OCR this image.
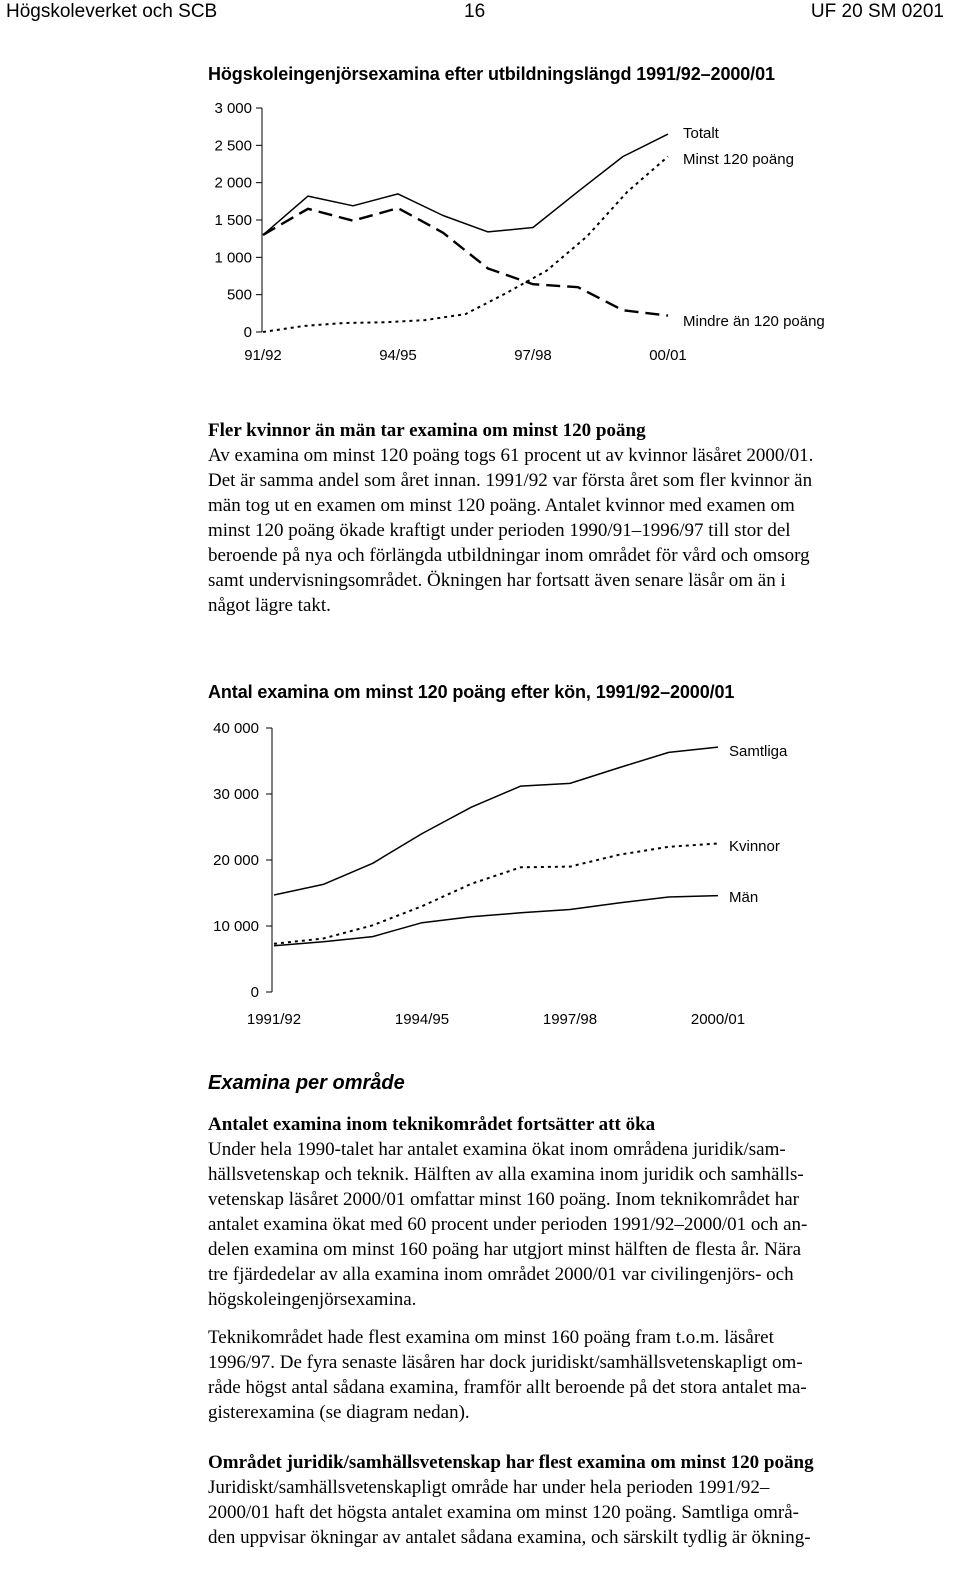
Högskoleverket och SCB	16	UF 20 SM 0201
Högskoleingenjörsexamina efter utbildningslängd 1991/92–2000/01
0
500
1 000
1 500
2 000
2 500
3 000
91/92	94/95	97/98	00/01
Totalt
Minst 120 poäng
Mindre än 120 poäng
Fler kvinnor än män tar examina om minst 120 poäng
Av examina om minst 120 poäng togs 61 procent ut av kvinnor läsåret 2000/01.
Det är samma andel som året innan. 1991/92 var första året som fler kvinnor än
män tog ut en examen om minst 120 poäng. Antalet kvinnor med examen om
minst 120 poäng ökade kraftigt under perioden 1990/91–1996/97 till stor del
beroende på nya och förlängda utbildningar inom området för vård och omsorg
samt undervisningsområdet. Ökningen har fortsatt även senare läsår om än i
något lägre takt.
Antal examina om minst 120 poäng efter kön, 1991/92–2000/01
0
10 000
20 000
30 000
40 000
1991/92	1994/95	1997/98	2000/01
Samtliga
Kvinnor
Män
Examina per område
Antalet examina inom teknikområdet fortsätter att öka
Under hela 1990-talet har antalet examina ökat inom områdena juridik/sam-
hällsvetenskap och teknik. Hälften av alla examina inom juridik och samhälls-
vetenskap läsåret 2000/01 omfattar minst 160 poäng. Inom teknikområdet har
antalet examina ökat med 60 procent under perioden 1991/92–2000/01 och an-
delen examina om minst 160 poäng har utgjort minst hälften de flesta år. Nära
tre fjärdedelar av alla examina inom området 2000/01 var civilingenjörs- och
högskoleingenjörsexamina.
Teknikområdet hade flest examina om minst 160 poäng fram t.o.m. läsåret
1996/97. De fyra senaste läsåren har dock juridiskt/samhällsvetenskapligt om-
råde högst antal sådana examina, framför allt beroende på det stora antalet ma-
gisterexamina (se diagram nedan).
Området juridik/samhällsvetenskap har flest examina om minst 120 poäng
Juridiskt/samhällsvetenskapligt område har under hela perioden 1991/92–
2000/01 haft det högsta antalet examina om minst 120 poäng. Samtliga områ-
den uppvisar ökningar av antalet sådana examina, och särskilt tydlig är ökning-
